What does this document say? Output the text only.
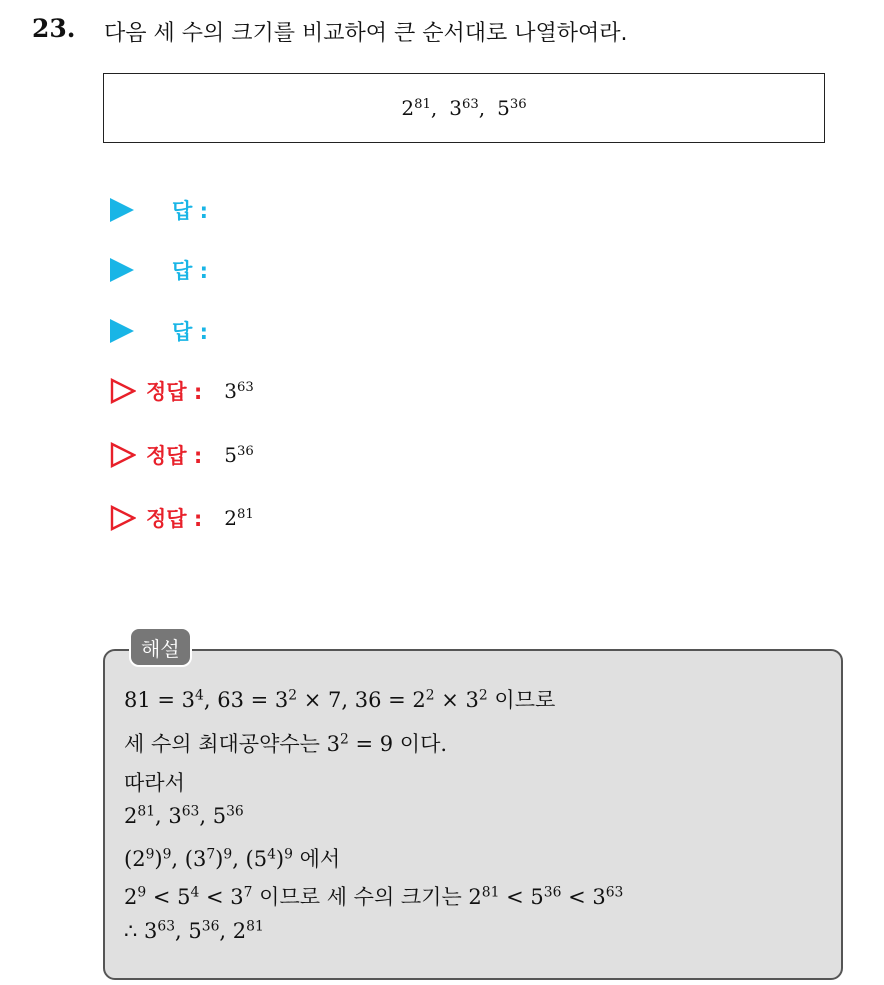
23. 다음 세 수의 크기를 비교하여 큰 순서대로 나열하여라.
$2^{81}$, $3^{63}$, $5^{36}$
답 :
답 :
답 :
정답 : $3^{63}$
정답 : $5^{36}$
정답 : $2^{81}$
해설
$81 = 3^4$, $63 = 3^2 \times 7$, $36 = 2^2 \times 3^2$ 이므로
세 수의 최대공약수는 $3^2 = 9$ 이다.
따라서
$2^{81}$, $3^{63}$, $5^{36}$
$(2^9)^9$, $(3^7)^9$, $(5^4)^9$ 에서
$2^9 < 5^4 < 3^7$ 이므로 세 수의 크기는 $2^{81} < 5^{36} < 3^{63}$
∴ $3^{63}$, $5^{36}$, $2^{81}$
